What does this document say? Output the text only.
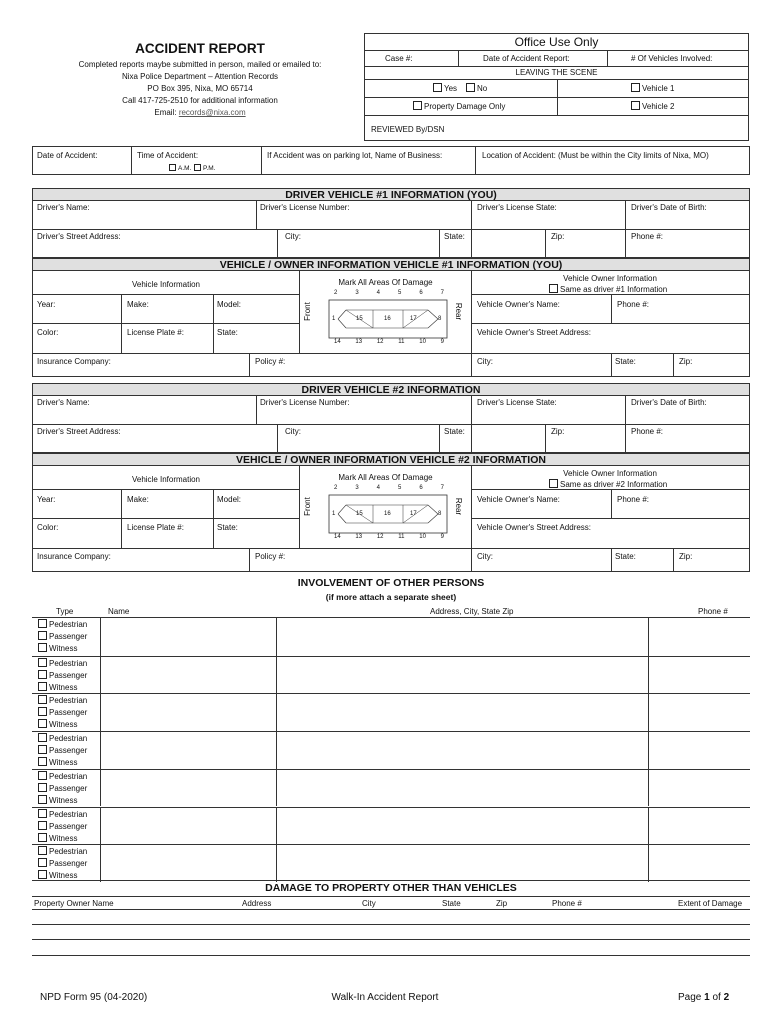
ACCIDENT REPORT
Completed reports maybe submitted in person, mailed or emailed to:
Nixa Police Department – Attention Records
PO Box 395, Nixa, MO 65714
Call 417-725-2510 for additional information
Email: records@nixa.com
Office Use Only
Case #:	Date of Accident Report:	# Of Vehicles Involved:
LEAVING THE SCENE
Yes	No	Vehicle 1
Property Damage Only	Vehicle 2
REVIEWED By/DSN
Date of Accident:	Time of Accident:
A.M.	P.M.
If Accident was on parking lot, Name of Business:	Location of Accident: (Must be within the City limits of Nixa, MO)
DRIVER VEHICLE #1 INFORMATION (YOU)
Driver's Name:	Driver's License Number:	Driver's License State:	Driver's Date of Birth:
Driver's Street Address:	City:	State:	Zip:	Phone #:
VEHICLE / OWNER INFORMATION VEHICLE #1 INFORMATION (YOU)
Vehicle Information
Vehicle Owner Information
Same as driver #1 Information
Year:	Make:	Model:	Vehicle Owner's Name:	Phone #:
Color:	License Plate #:	State:	Vehicle Owner's Street Address:
Insurance Company:	Policy #:	City:	State:	Zip:
Mark All Areas Of Damage
Front	Rear
2	3	4	5	6	7
1	15	16	17	8
14 13 12 11 10 9
DRIVER VEHICLE #2 INFORMATION
Driver's Name:	Driver's License Number:	Driver's License State:	Driver's Date of Birth:
Driver's Street Address:	City:	State:	Zip:	Phone #:
VEHICLE / OWNER INFORMATION VEHICLE #2 INFORMATION
Vehicle Information
Vehicle Owner Information
Same as driver #2 Information
Year:	Make:	Model:	Vehicle Owner's Name:	Phone #:
Color:	License Plate #:	State:	Vehicle Owner's Street Address:
Insurance Company:	Policy #:	City:	State:	Zip:
Mark All Areas Of Damage
Front	Rear
2	3	4	5	6	7
1	15	16	17	8
14 13 12 11 10 9
INVOLVEMENT OF OTHER PERSONS
(if more attach a separate sheet)
Type	Name	Address, City, State Zip	Phone #
Pedestrian
Passenger
Witness
Pedestrian
Passenger
Witness
Pedestrian
Passenger
Witness
Pedestrian
Passenger
Witness
Pedestrian
Passenger
Witness
Pedestrian
Passenger
Witness
Pedestrian
Passenger
Witness
DAMAGE TO PROPERTY OTHER THAN VEHICLES
Property Owner Name	Address	City	State	Zip	Phone #	Extent of Damage
NPD Form 95 (04-2020)	Walk-In Accident Report	Page 1 of 2
